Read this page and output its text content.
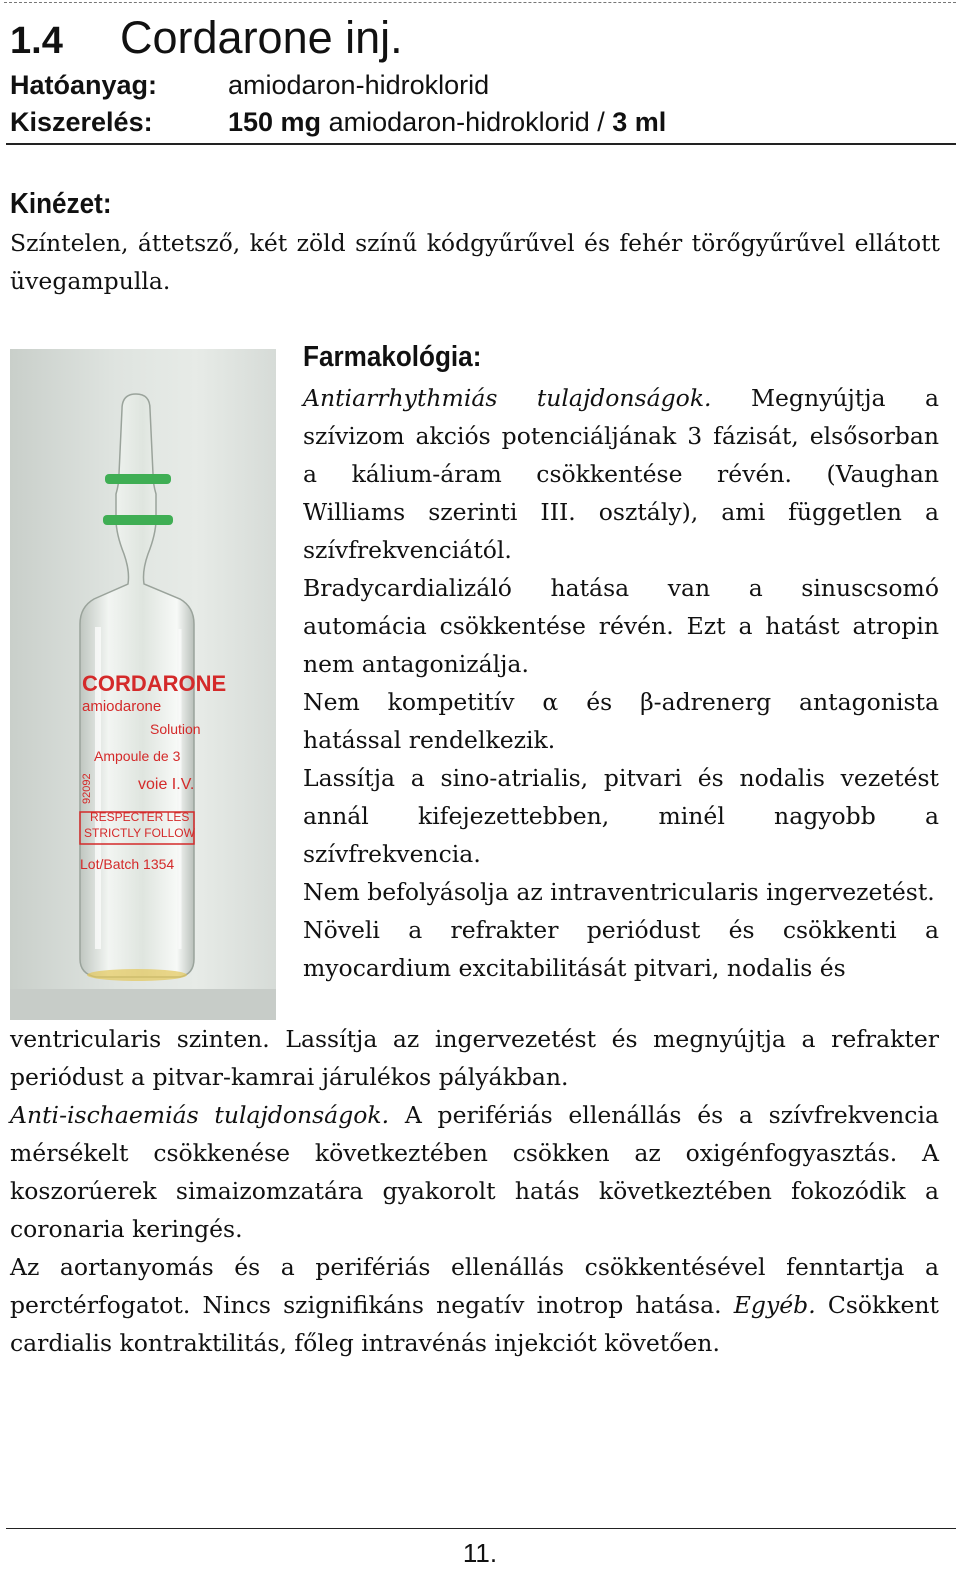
1.4 Cordarone inj.
Hatóanyag:	amiodaron-hidroklorid
Kiszerelés:	150 mg amiodaron-hidroklorid / 3 ml
Kinézet:

Színtelen, áttetsző, két zöld színű kódgyűrűvel és fehér törőgyűrűvel ellátott üvegampulla.

CORDARONE
amiodarone
Solution
Ampoule de 3
voie I.V.
RESPECTER LES
STRICTLY FOLLOW
Lot/Batch 1354
92092
Farmakológia:

Antiarrhythmiás tulajdonságok. Megnyújtja a szívizom akciós potenciáljának 3 fázisát, elsősorban a kálium-áram csökkentése révén. (Vaughan Williams szerinti III. osztály), ami független a szívfrekvenciától.

Bradycardializáló hatása van a sinuscsomó automácia csökkentése révén. Ezt a hatást atropin nem antagonizálja.

Nem kompetitív α és β-adrenerg antagonista hatással rendelkezik.

Lassítja a sino-atrialis, pitvari és nodalis vezetést annál kifejezettebben, minél nagyobb a szívfrekvencia.

Nem befolyásolja az intraventricularis ingervezetést.

Növeli a refrakter periódust és csökkenti a myocardium excitabilitását pitvari, nodalis és

ventricularis szinten. Lassítja az ingervezetést és megnyújtja a refrakter periódust a pitvar-kamrai járulékos pályákban.

Anti-ischaemiás tulajdonságok. A perifériás ellenállás és a szívfrekvencia mérsékelt csökkenése következtében csökken az oxigénfogyasztás. A koszorúerek simaizomzatára gyakorolt hatás következtében fokozódik a coronaria keringés.

Az aortanyomás és a perifériás ellenállás csökkentésével fenntartja a perctérfogatot. Nincs szignifikáns negatív inotrop hatása. Egyéb. Csökkent cardialis kontraktilitás, főleg intravénás injekciót követően.

11.
